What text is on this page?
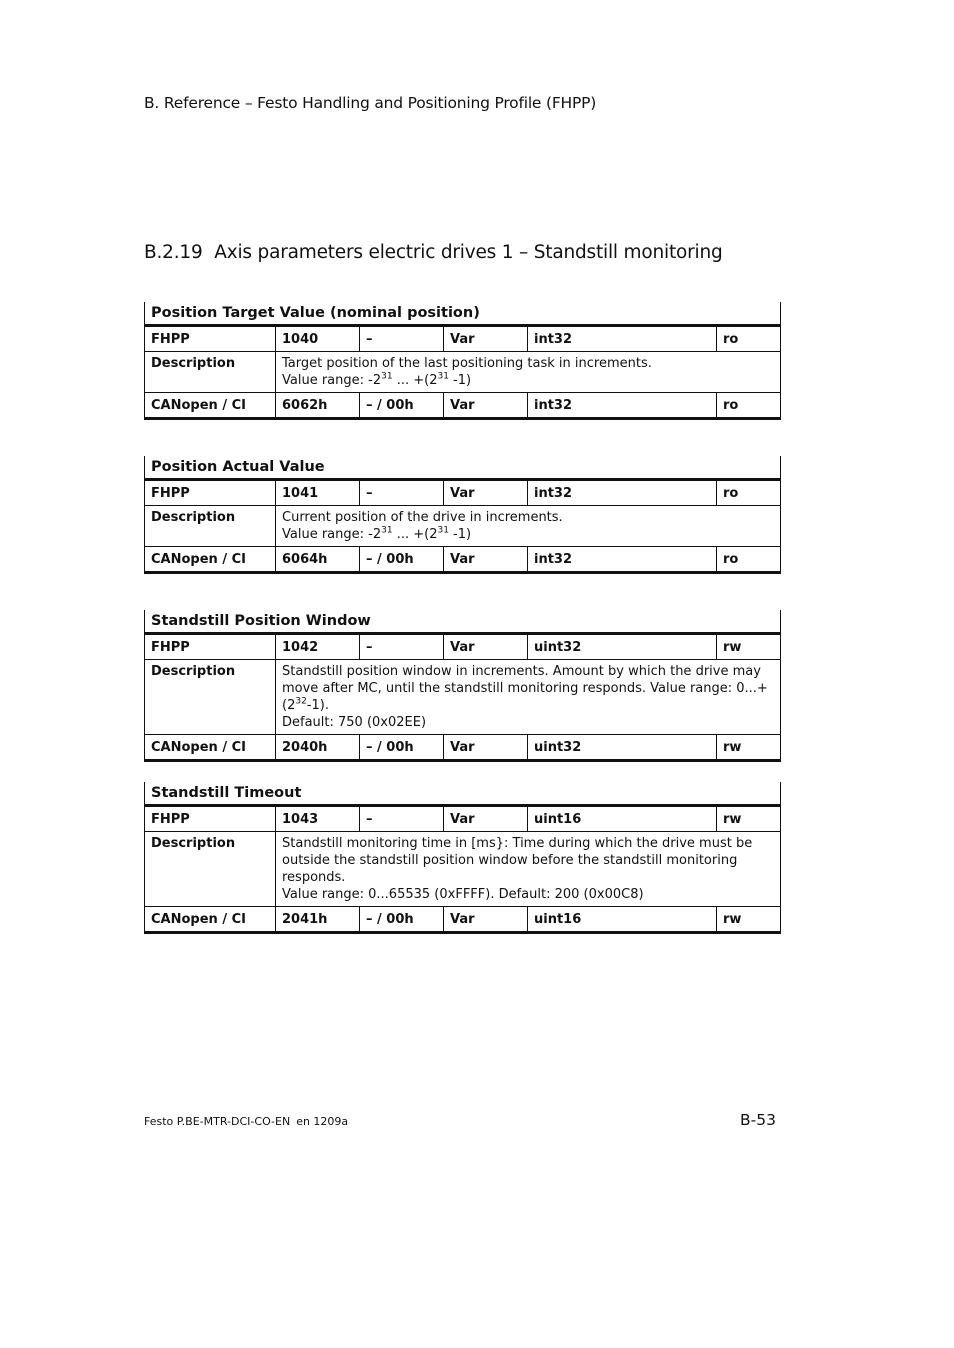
B. Reference – Festo Handling and Positioning Profile (FHPP)
B.2.19 Axis parameters electric drives 1 – Standstill monitoring
Position Target Value (nominal position)					
FHPP	1040	–	Var	int32	ro
Description	Target position of the last positioning task in increments.
Value range: $-2^{31}$ ... $+(2^{31}$ -1)				

CANopen / CI	6062h	– / 00h	Var	int32	ro
Position Actual Value					
FHPP	1041	–	Var	int32	ro
Description	Current position of the drive in increments.
Value range: $-2^{31}$ ... $+(2^{31}$ -1)				

CANopen / CI	6064h	– / 00h	Var	int32	ro
Standstill Position Window					
FHPP	1042	–	Var	uint32	rw
Description	Standstill position window in increments. Amount by which the drive may move after MC, until the standstill monitoring responds. Value range: $0...+(2^{32}-1)$.
Default: 750 (0x02EE)				

CANopen / CI	2040h	– / 00h	Var	uint32	rw
Standstill Timeout					
FHPP	1043	–	Var	uint16	rw
Description	Standstill monitoring time in [ms}: Time during which the drive must be outside the standstill position window before the standstill monitoring responds.
Value range: 0...65535 (0xFFFF). Default: 200 (0x00C8)				

CANopen / CI	2041h	– / 00h	Var	uint16	rw
Festo P.BE-MTR-DCI-CO-EN en 1209a	B-53
